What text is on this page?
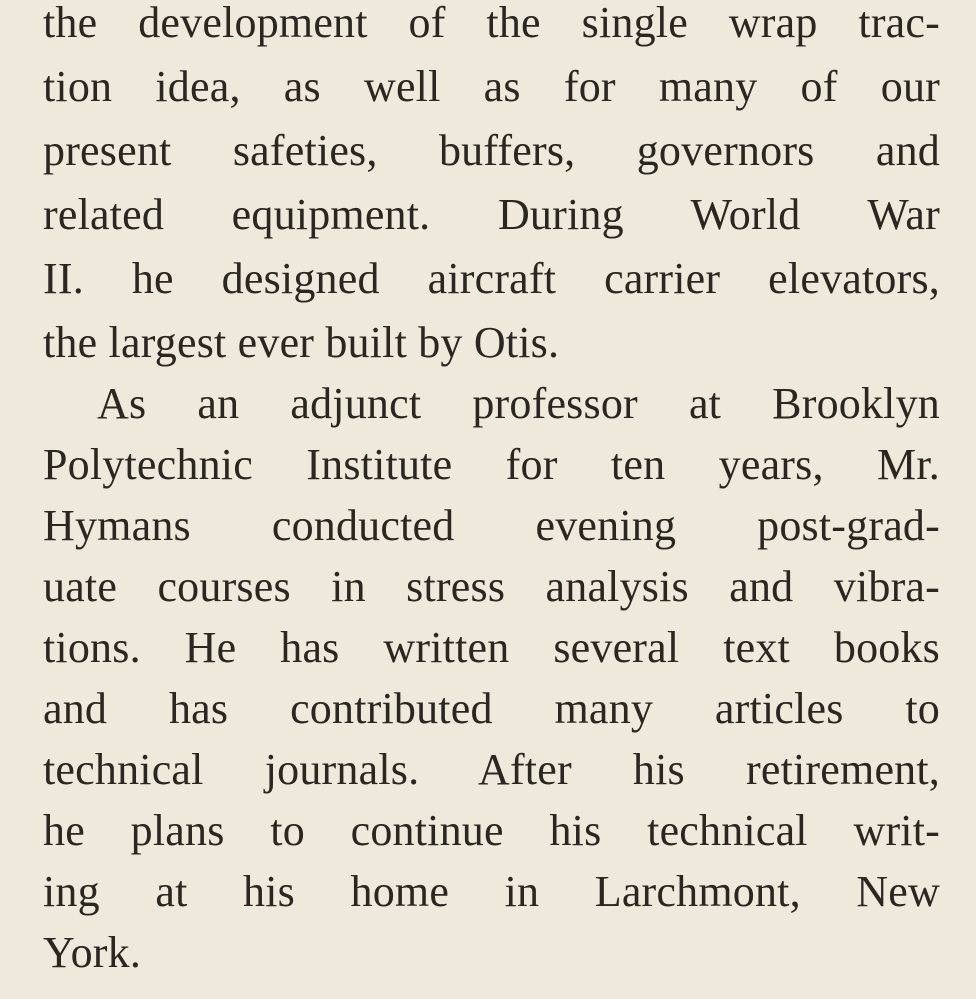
the development of the single wrap trac-
tion idea, as well as for many of our
present safeties, buffers, governors and
related equipment. During World War
II. he designed aircraft carrier elevators,
the largest ever built by Otis.
As an adjunct professor at Brooklyn
Polytechnic Institute for ten years, Mr.
Hymans conducted evening post-grad-
uate courses in stress analysis and vibra-
tions. He has written several text books
and has contributed many articles to
technical journals. After his retirement,
he plans to continue his technical writ-
ing at his home in Larchmont, New
York.
